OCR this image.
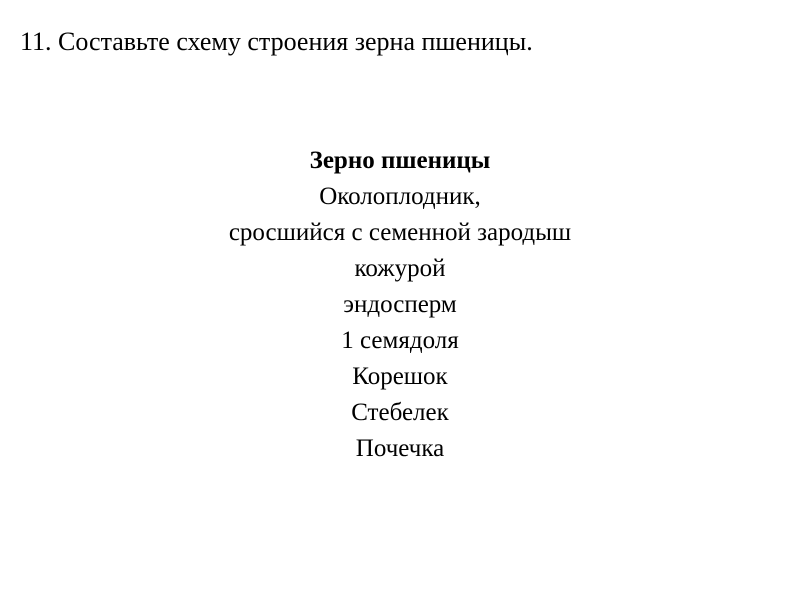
11. Составьте схему строения зерна пшеницы.
Зерно пшеницы
Околоплодник,
сросшийся с семенной зародыш
кожурой
эндосперм
1 семядоля
Корешок
Стебелек
Почечка
